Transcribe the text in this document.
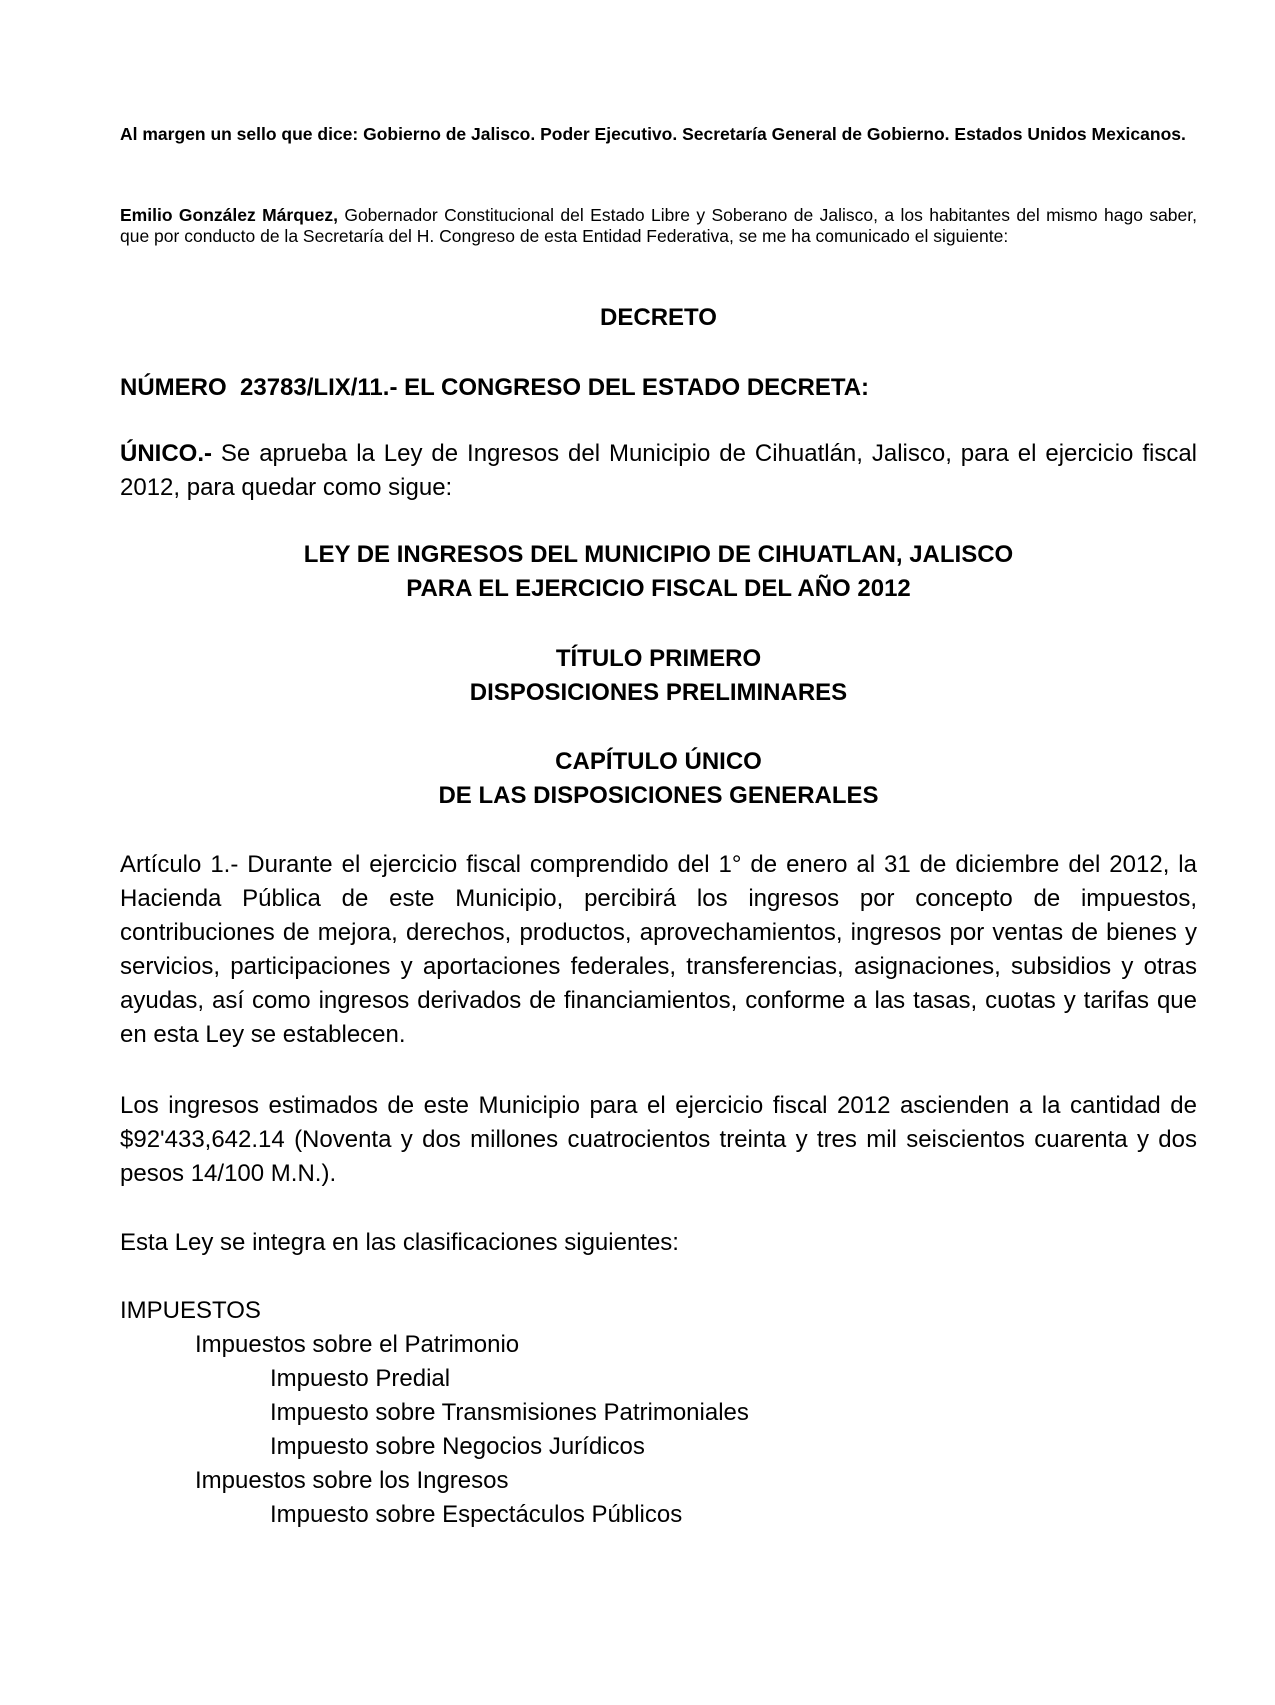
Al margen un sello que dice: Gobierno de Jalisco. Poder Ejecutivo. Secretaría General de Gobierno. Estados Unidos Mexicanos.

Emilio González Márquez, Gobernador Constitucional del Estado Libre y Soberano de Jalisco, a los habitantes del mismo hago saber, que por conducto de la Secretaría del H. Congreso de esta Entidad Federativa, se me ha comunicado el siguiente:

DECRETO

NÚMERO  23783/LIX/11.- EL CONGRESO DEL ESTADO DECRETA:

ÚNICO.- Se aprueba la Ley de Ingresos del Municipio de Cihuatlán, Jalisco, para el ejercicio fiscal 2012, para quedar como sigue:

LEY DE INGRESOS DEL MUNICIPIO DE CIHUATLAN, JALISCO
PARA EL EJERCICIO FISCAL DEL AÑO 2012
TÍTULO PRIMERO
DISPOSICIONES PRELIMINARES
CAPÍTULO ÚNICO
DE LAS DISPOSICIONES GENERALES

Artículo 1.- Durante el ejercicio fiscal comprendido del 1° de enero al 31 de diciembre del 2012, la Hacienda Pública de este Municipio, percibirá los ingresos por concepto de impuestos, contribuciones de mejora, derechos, productos, aprovechamientos, ingresos por ventas de bienes y servicios, participaciones y aportaciones federales, transferencias, asignaciones, subsidios y otras ayudas, así como ingresos derivados de financiamientos, conforme a las tasas, cuotas y tarifas que en esta Ley se establecen.

Los ingresos estimados de este Municipio para el ejercicio fiscal 2012 ascienden a la cantidad de $92'433,642.14 (Noventa y dos millones cuatrocientos treinta y tres mil seiscientos cuarenta y dos pesos 14/100 M.N.).

Esta Ley se integra en las clasificaciones siguientes:

IMPUESTOS
Impuestos sobre el Patrimonio
Impuesto Predial
Impuesto sobre Transmisiones Patrimoniales
Impuesto sobre Negocios Jurídicos
Impuestos sobre los Ingresos
Impuesto sobre Espectáculos Públicos
